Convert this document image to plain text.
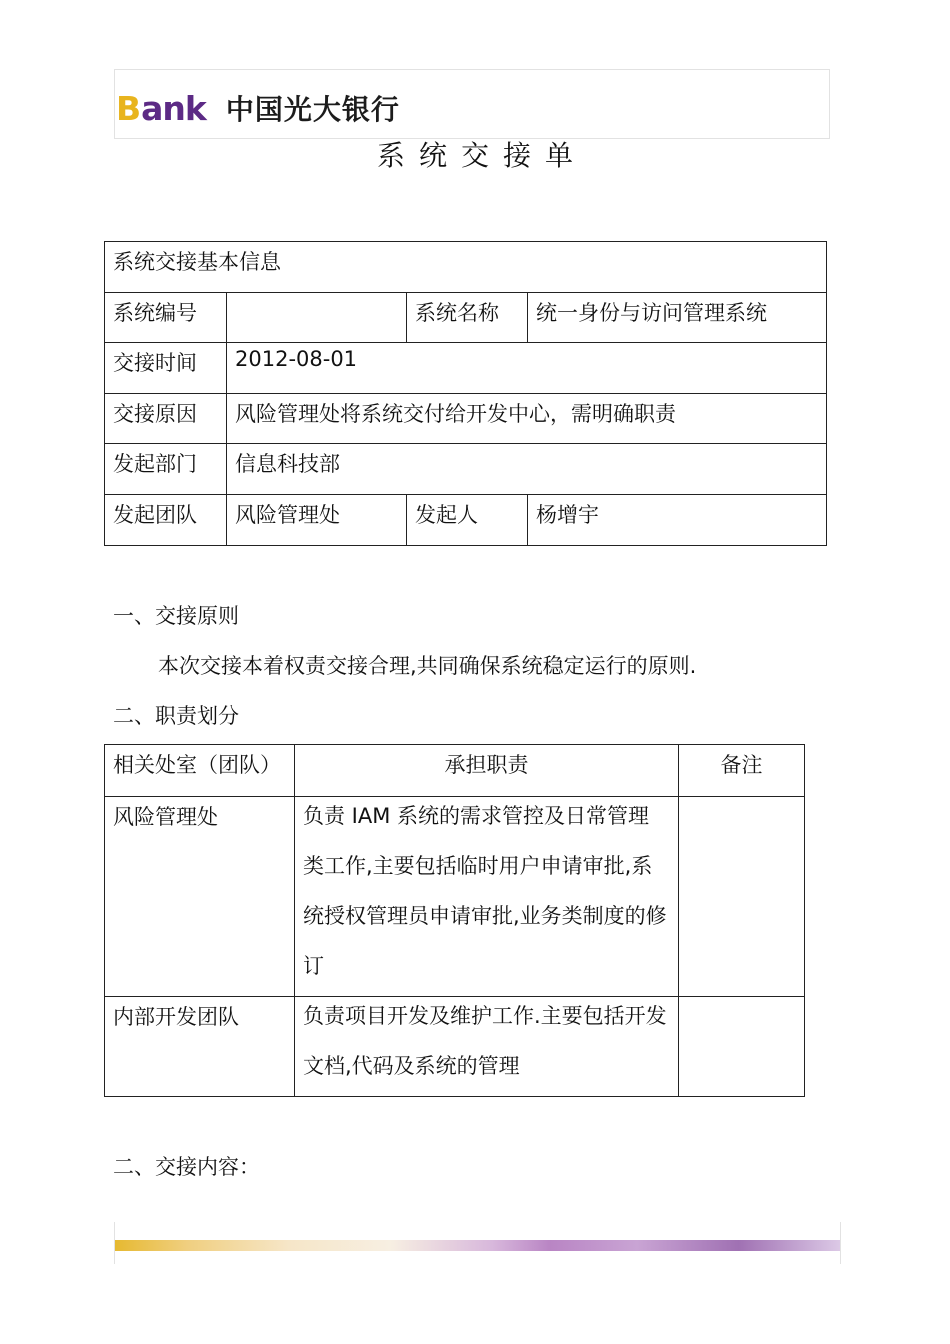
B ank 中国光大银行
系统交接单
系统交接基本信息			
系统编号		系统名称	统一身份与访问管理系统
交接时间	2012-08-01		
交接原因	风险管理处将系统交付给开发中心，需明确职责		
发起部门	信息科技部		
发起团队	风险管理处	发起人	杨增宇
一、交接原则
本次交接本着权责交接合理,共同确保系统稳定运行的原则.
二、职责划分
相关处室（团队）	承担职责	备注
风险管理处	负责 IAM 系统的需求管控及日常管理类工作,主要包括临时用户申请审批,系统授权管理员申请审批,业务类制度的修订	

内部开发团队	负责项目开发及维护工作.主要包括开发文档,代码及系统的管理	

二、交接内容：
